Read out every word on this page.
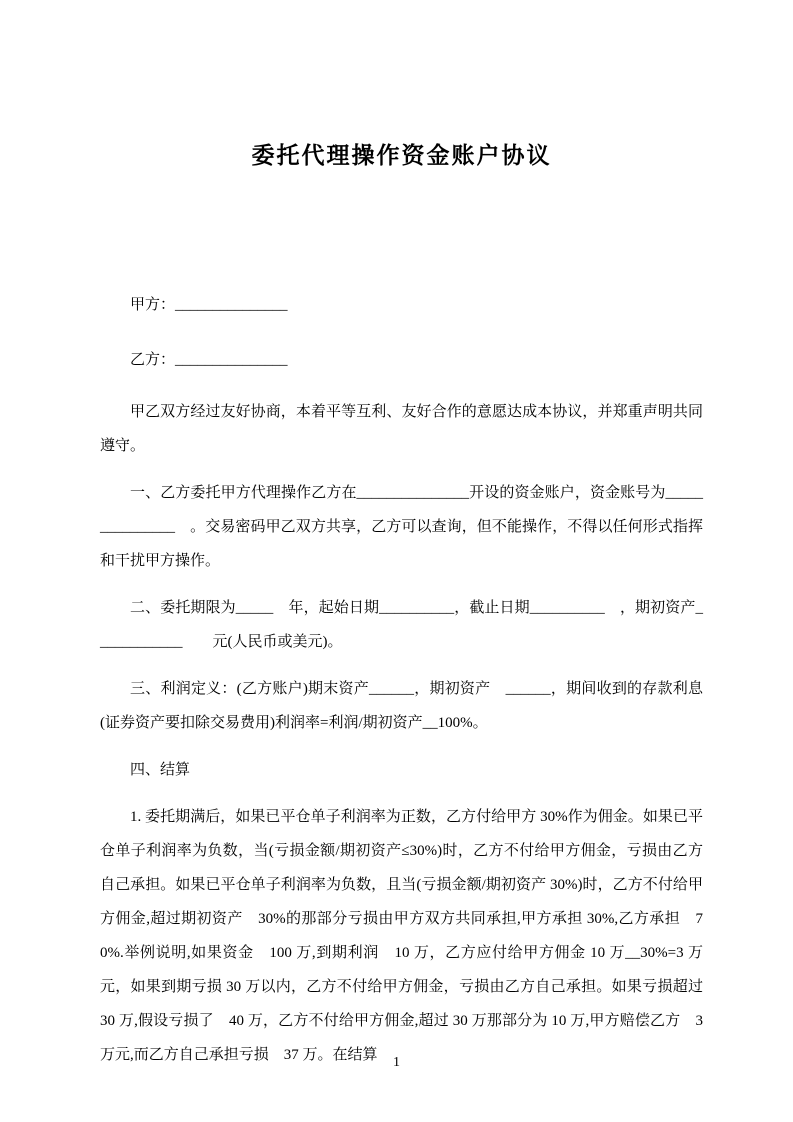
委托代理操作资金账户协议

甲方：_______________

乙方：_______________

甲乙双方经过友好协商，本着平等互利、友好合作的意愿达成本协议，并郑重声明共同遵守。

一、乙方委托甲方代理操作乙方在_______________开设的资金账户，资金账号为_______________　。交易密码甲乙双方共享，乙方可以查询，但不能操作，不得以任何形式指挥和干扰甲方操作。

二、委托期限为_____　年，起始日期__________，截止日期__________　，期初资产____________　　元(人民币或美元)。

三、利润定义：(乙方账户)期末资产______，期初资产　______，期间收到的存款利息(证券资产要扣除交易费用)利润率=利润/期初资产__100%。

四、结算

1. 委托期满后，如果已平仓单子利润率为正数，乙方付给甲方 30%作为佣金。如果已平仓单子利润率为负数，当(亏损金额/期初资产≤30%)时，乙方不付给甲方佣金，亏损由乙方自己承担。如果已平仓单子利润率为负数，且当(亏损金额/期初资产 30%)时，乙方不付给甲方佣金,超过期初资产　30%的那部分亏损由甲方双方共同承担,甲方承担 30%,乙方承担　70%.举例说明,如果资金　100 万,到期利润　10 万，乙方应付给甲方佣金 10 万__30%=3 万元，如果到期亏损 30 万以内，乙方不付给甲方佣金，亏损由乙方自己承担。如果亏损超过 30 万,假设亏损了　40 万，乙方不付给甲方佣金,超过 30 万那部分为 10 万,甲方赔偿乙方　3 万元,而乙方自己承担亏损　37 万。在结算	1
